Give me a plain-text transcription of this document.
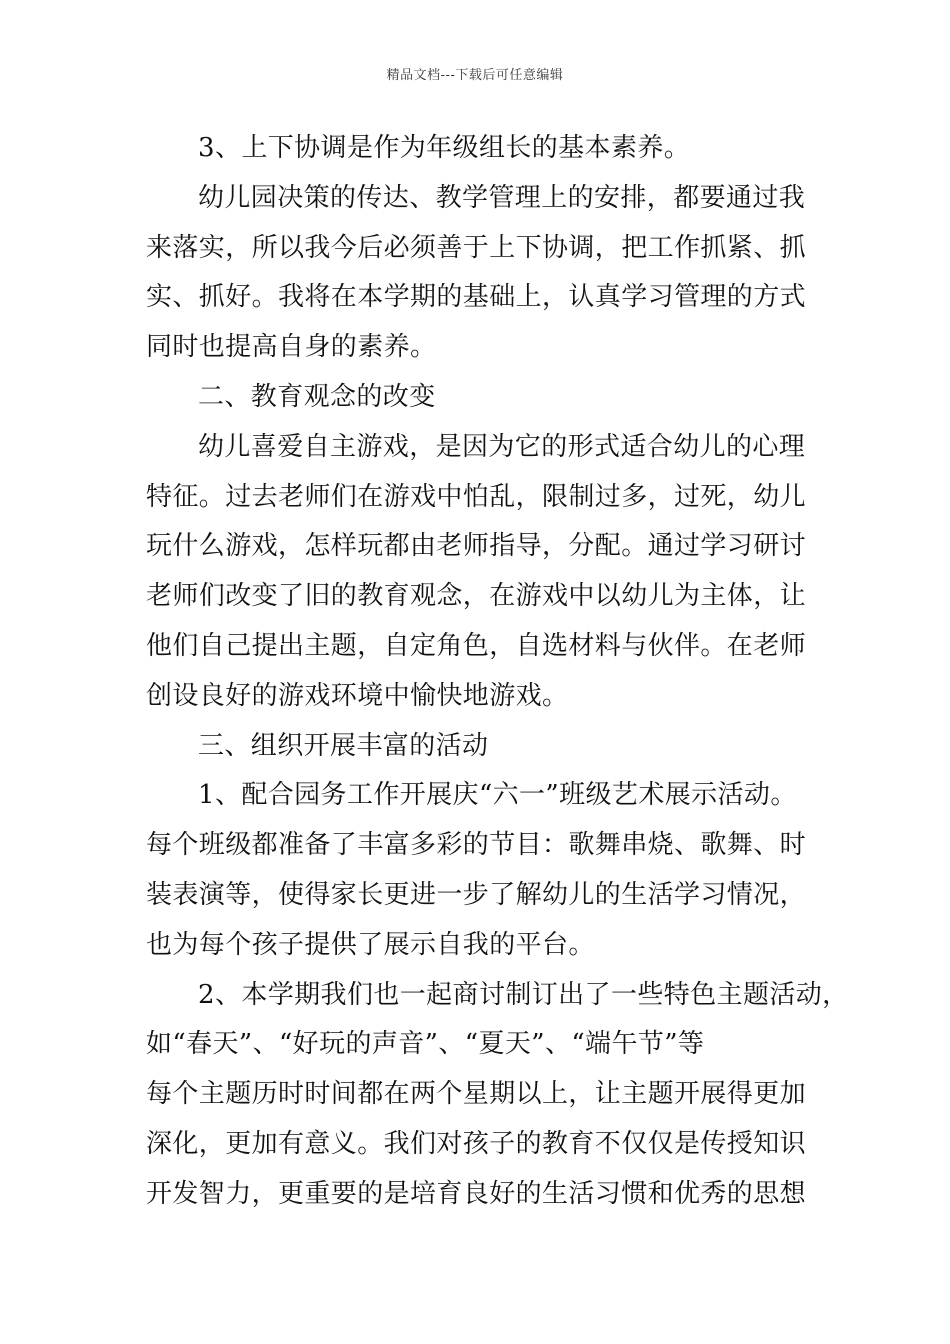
精品文档---下载后可任意编辑
3、上下协调是作为年级组长的基本素养。
幼儿园决策的传达、教学管理上的安排，都要通过我
来落实，所以我今后必须善于上下协调，把工作抓紧、抓
实、抓好。我将在本学期的基础上，认真学习管理的方式
同时也提高自身的素养。
二、教育观念的改变
幼儿喜爱自主游戏，是因为它的形式适合幼儿的心理
特征。过去老师们在游戏中怕乱，限制过多，过死，幼儿
玩什么游戏，怎样玩都由老师指导，分配。通过学习研讨
老师们改变了旧的教育观念，在游戏中以幼儿为主体，让
他们自己提出主题，自定角色，自选材料与伙伴。在老师
创设良好的游戏环境中愉快地游戏。
三、组织开展丰富的活动
1、配合园务工作开展庆“六一”班级艺术展示活动。
每个班级都准备了丰富多彩的节目：歌舞串烧、歌舞、时
装表演等，使得家长更进一步了解幼儿的生活学习情况，
也为每个孩子提供了展示自我的平台。
2、本学期我们也一起商讨制订出了一些特色主题活动，
如“春天”、“好玩的声音”、“夏天”、“端午节”等
每个主题历时时间都在两个星期以上，让主题开展得更加
深化，更加有意义。我们对孩子的教育不仅仅是传授知识
开发智力，更重要的是培育良好的生活习惯和优秀的思想
